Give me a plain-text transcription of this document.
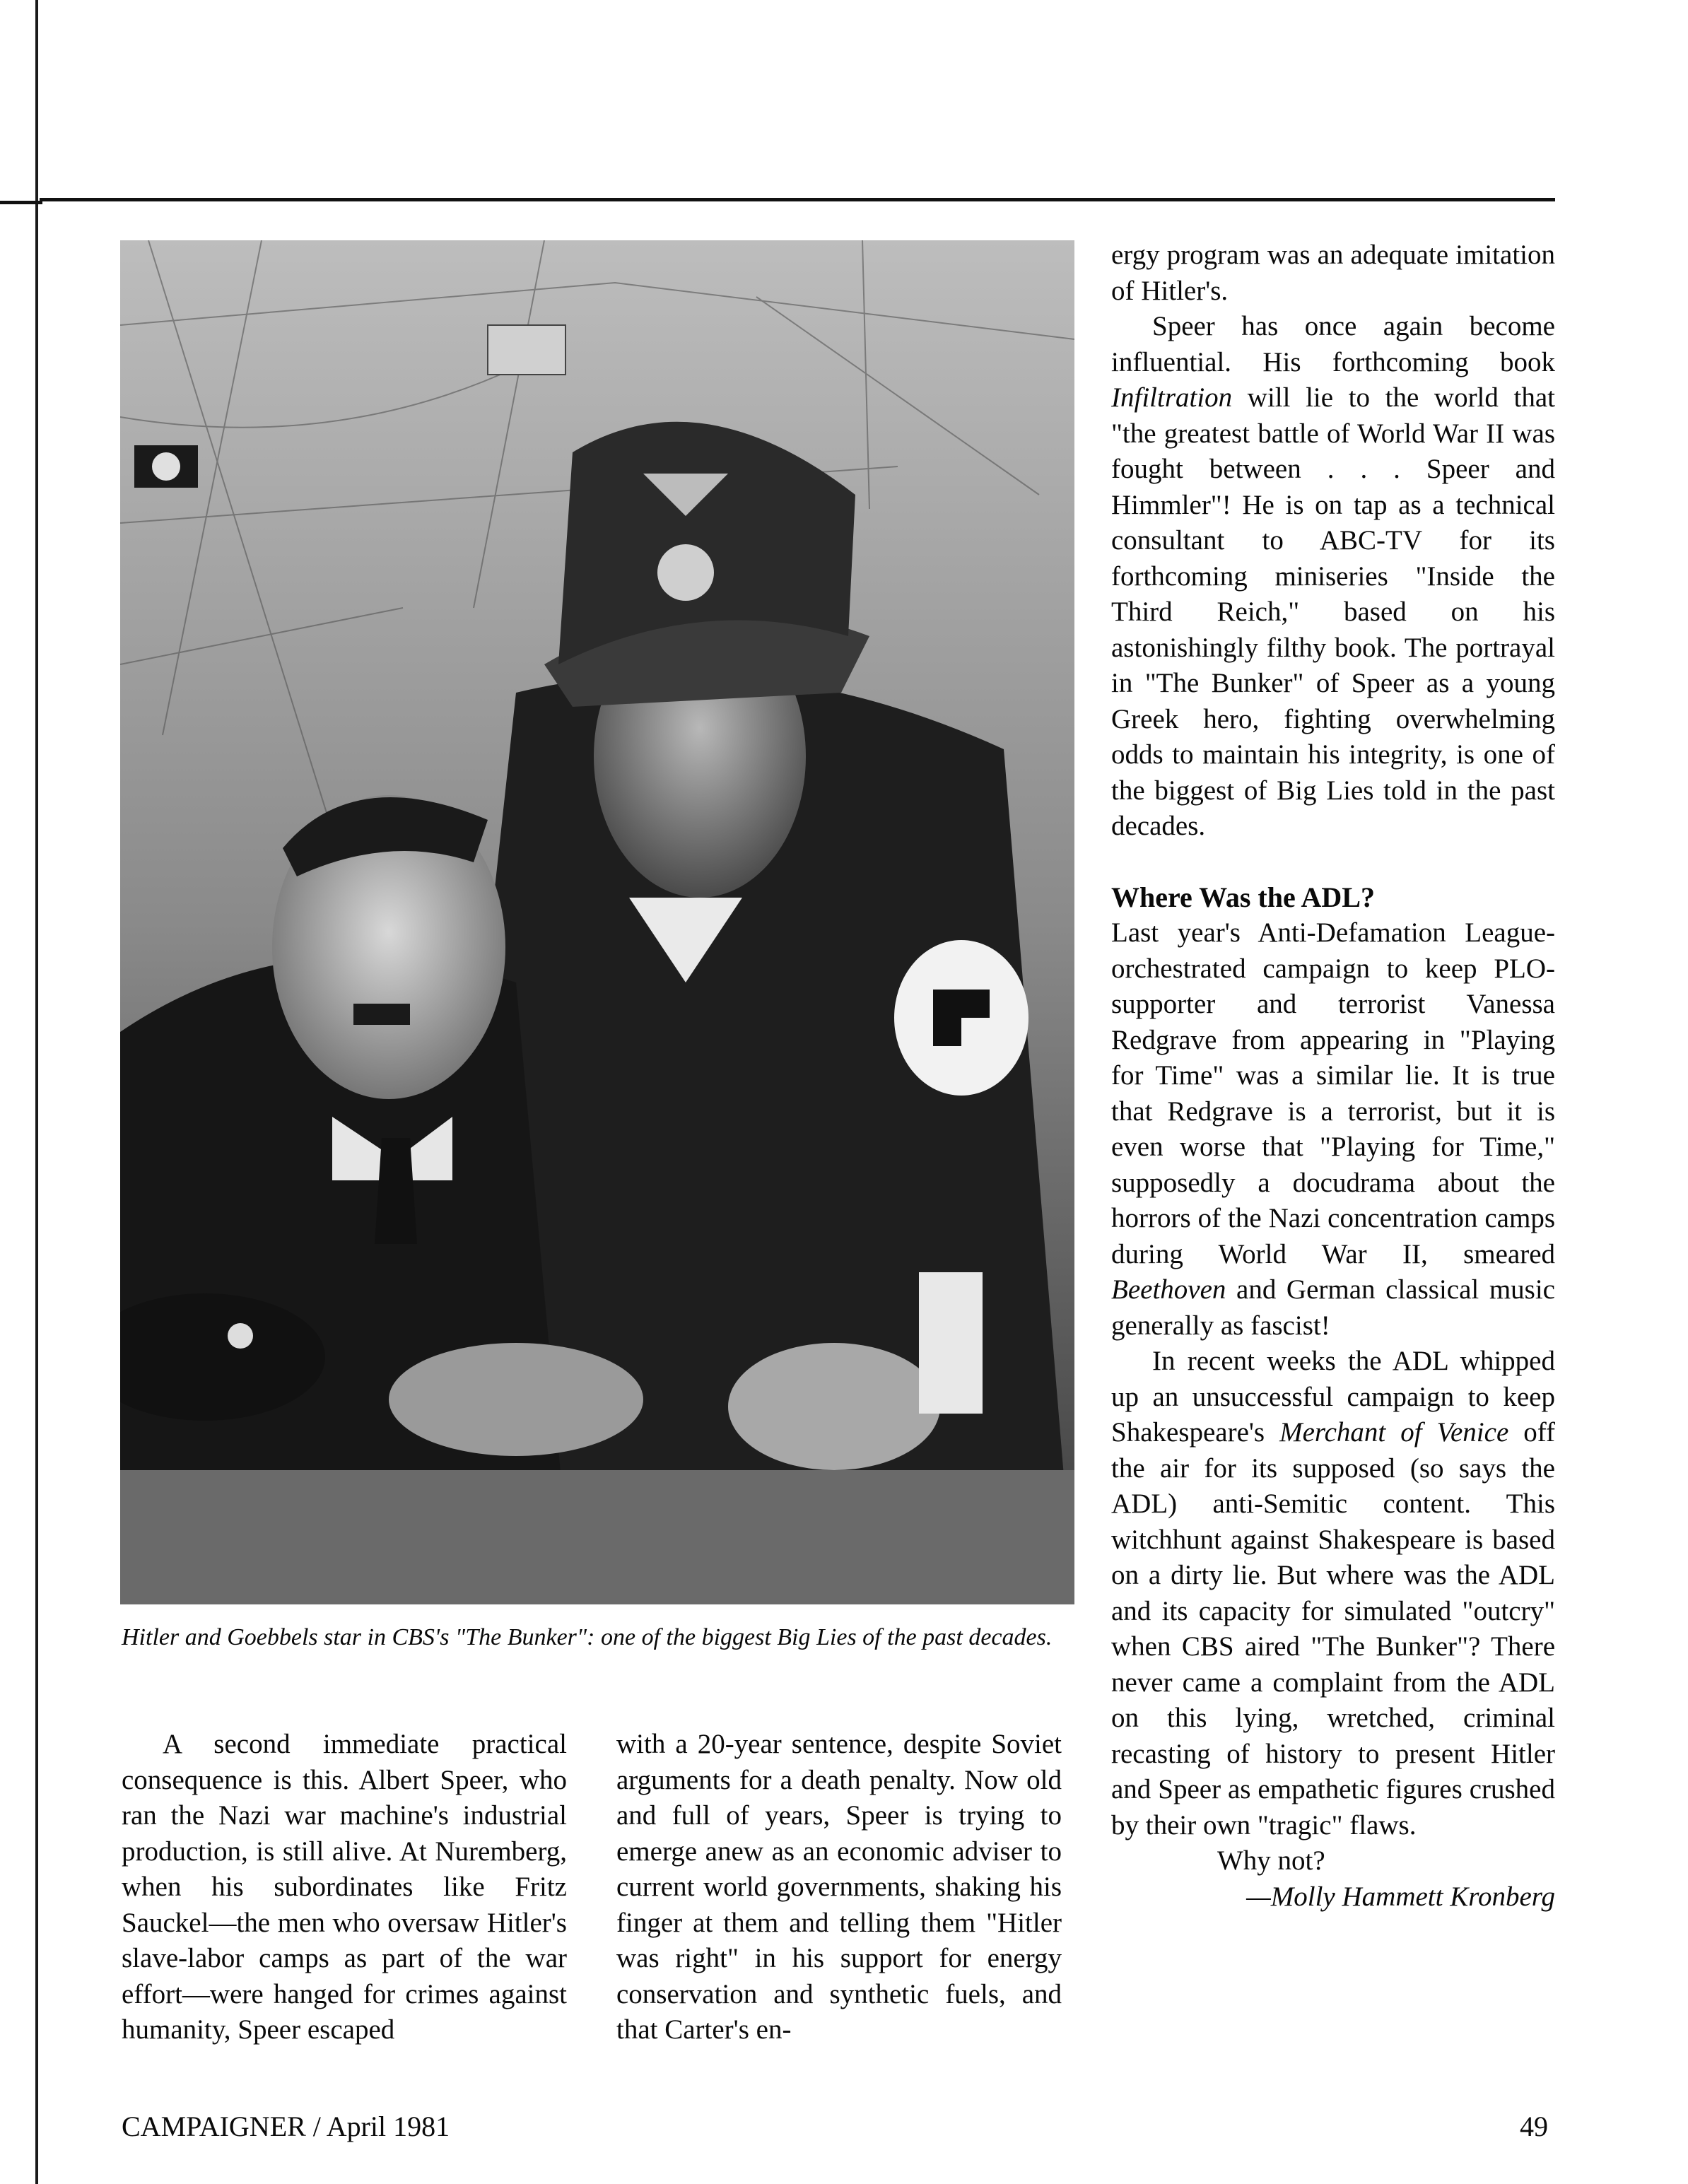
Hitler and Goebbels star in CBS's "The Bunker": one of the biggest Big Lies of the past decades.

A second immediate practical consequence is this. Albert Speer, who ran the Nazi war machine's industrial production, is still alive. At Nuremberg, when his subordinates like Fritz Sauckel—the men who oversaw Hitler's slave-labor camps as part of the war effort—were hanged for crimes against humanity, Speer escaped

with a 20-year sentence, despite Soviet arguments for a death penalty. Now old and full of years, Speer is trying to emerge anew as an economic adviser to current world governments, shaking his finger at them and telling them "Hitler was right" in his support for energy conservation and synthetic fuels, and that Carter's en-

ergy program was an adequate imitation of Hitler's.

Speer has once again become influential. His forthcoming book Infiltration will lie to the world that "the greatest battle of World War II was fought between . . . Speer and Himmler"! He is on tap as a technical consultant to ABC-TV for its forthcoming miniseries "Inside the Third Reich," based on his astonishingly filthy book. The portrayal in "The Bunker" of Speer as a young Greek hero, fighting overwhelming odds to maintain his integrity, is one of the biggest of Big Lies told in the past decades.

Where Was the ADL?

Last year's Anti-Defamation League-orchestrated campaign to keep PLO-supporter and terrorist Vanessa Redgrave from appearing in "Playing for Time" was a similar lie. It is true that Redgrave is a terrorist, but it is even worse that "Playing for Time," supposedly a docudrama about the horrors of the Nazi concentration camps during World War II, smeared Beethoven and German classical music generally as fascist!

In recent weeks the ADL whipped up an unsuccessful campaign to keep Shakespeare's Merchant of Venice off the air for its supposed (so says the ADL) anti-Semitic content. This witchhunt against Shakespeare is based on a dirty lie. But where was the ADL and its capacity for simulated "outcry" when CBS aired "The Bunker"? There never came a complaint from the ADL on this lying, wretched, criminal recasting of history to present Hitler and Speer as empathetic figures crushed by their own "tragic" flaws.

Why not?

—Molly Hammett Kronberg

CAMPAIGNER / April 1981	49
